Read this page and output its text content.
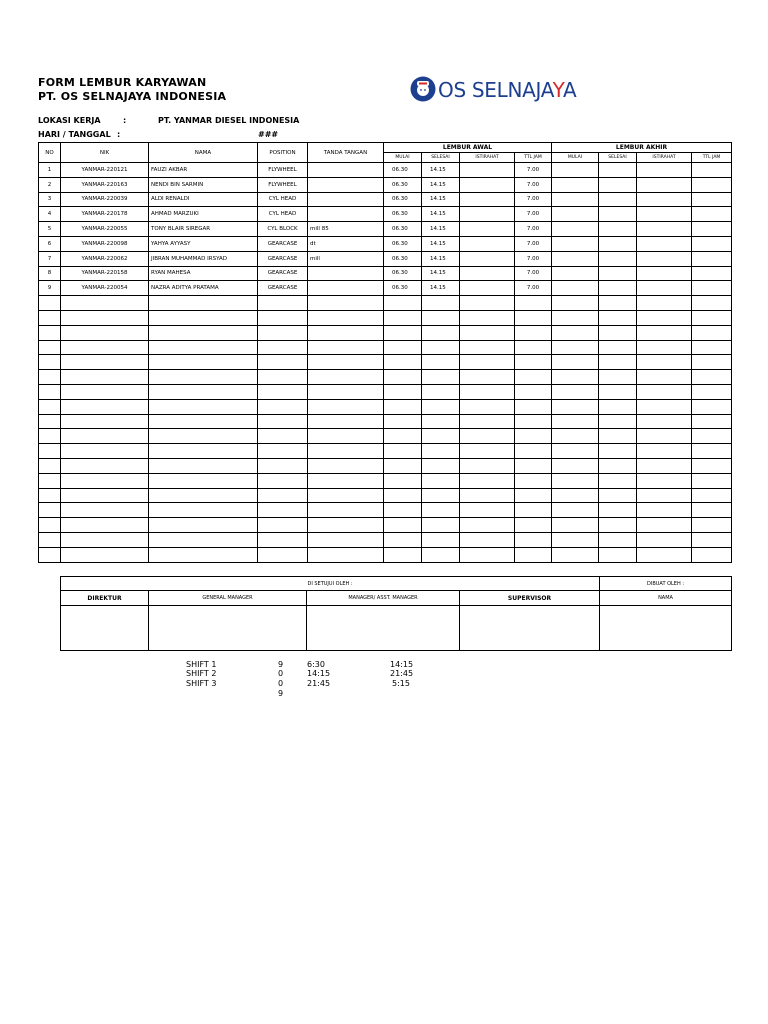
FORM LEMBUR KARYAWAN
PT. OS SELNAJAYA INDONESIA	OS SELNAJAYA
LOKASI KERJA	:	PT. YANMAR DIESEL INDONESIA
HARI / TANGGAL :	###
NO	NIK	NAMA	POSITION	TANDA TANGAN	LEMBUR AWAL				LEMBUR AKHIR			
					MULAI	SELESAI	ISTIRAHAT	TTL JAM	MULAI	SELESAI	ISTIRAHAT	TTL JAM
1	YANMAR-220121	FAUZI AKBAR	FLYWHEEL		06.30	14.15		7.00				
2	YANMAR-220163	NENDI BIN SARMIN	FLYWHEEL		06.30	14.15		7.00				
3	YANMAR-220039	ALDI RENALDI	CYL HEAD		06.30	14.15		7.00				
4	YANMAR-220178	AHMAD MARZUKI	CYL HEAD		06.30	14.15		7.00				
5	YANMAR-220055	TONY BLAIR SIREGAR	CYL BLOCK	mill 85	06.30	14.15		7.00				
6	YANMAR-220098	YAHYA AYYASY	GEARCASE	dt	06.30	14.15		7.00				
7	YANMAR-220062	JIBRAN MUHAMMAD IRSYAD	GEARCASE	mill	06.30	14.15		7.00				
8	YANMAR-220158	RYAN MAHESA	GEARCASE		06.30	14.15		7.00				
9	YANMAR-220054	NAZRA ADITYA PRATAMA	GEARCASE		06.30	14.15		7.00				

DI SETUJUI OLEH :				DIBUAT OLEH :
DIREKTUR	GENERAL MANAGER	MANAGER/ ASST. MANAGER	SUPERVISOR	NAMA

SHIFT 1	9	6:30	14:15
SHIFT 2	0	14:15	21:45
SHIFT 3	0	21:45	5:15
9
